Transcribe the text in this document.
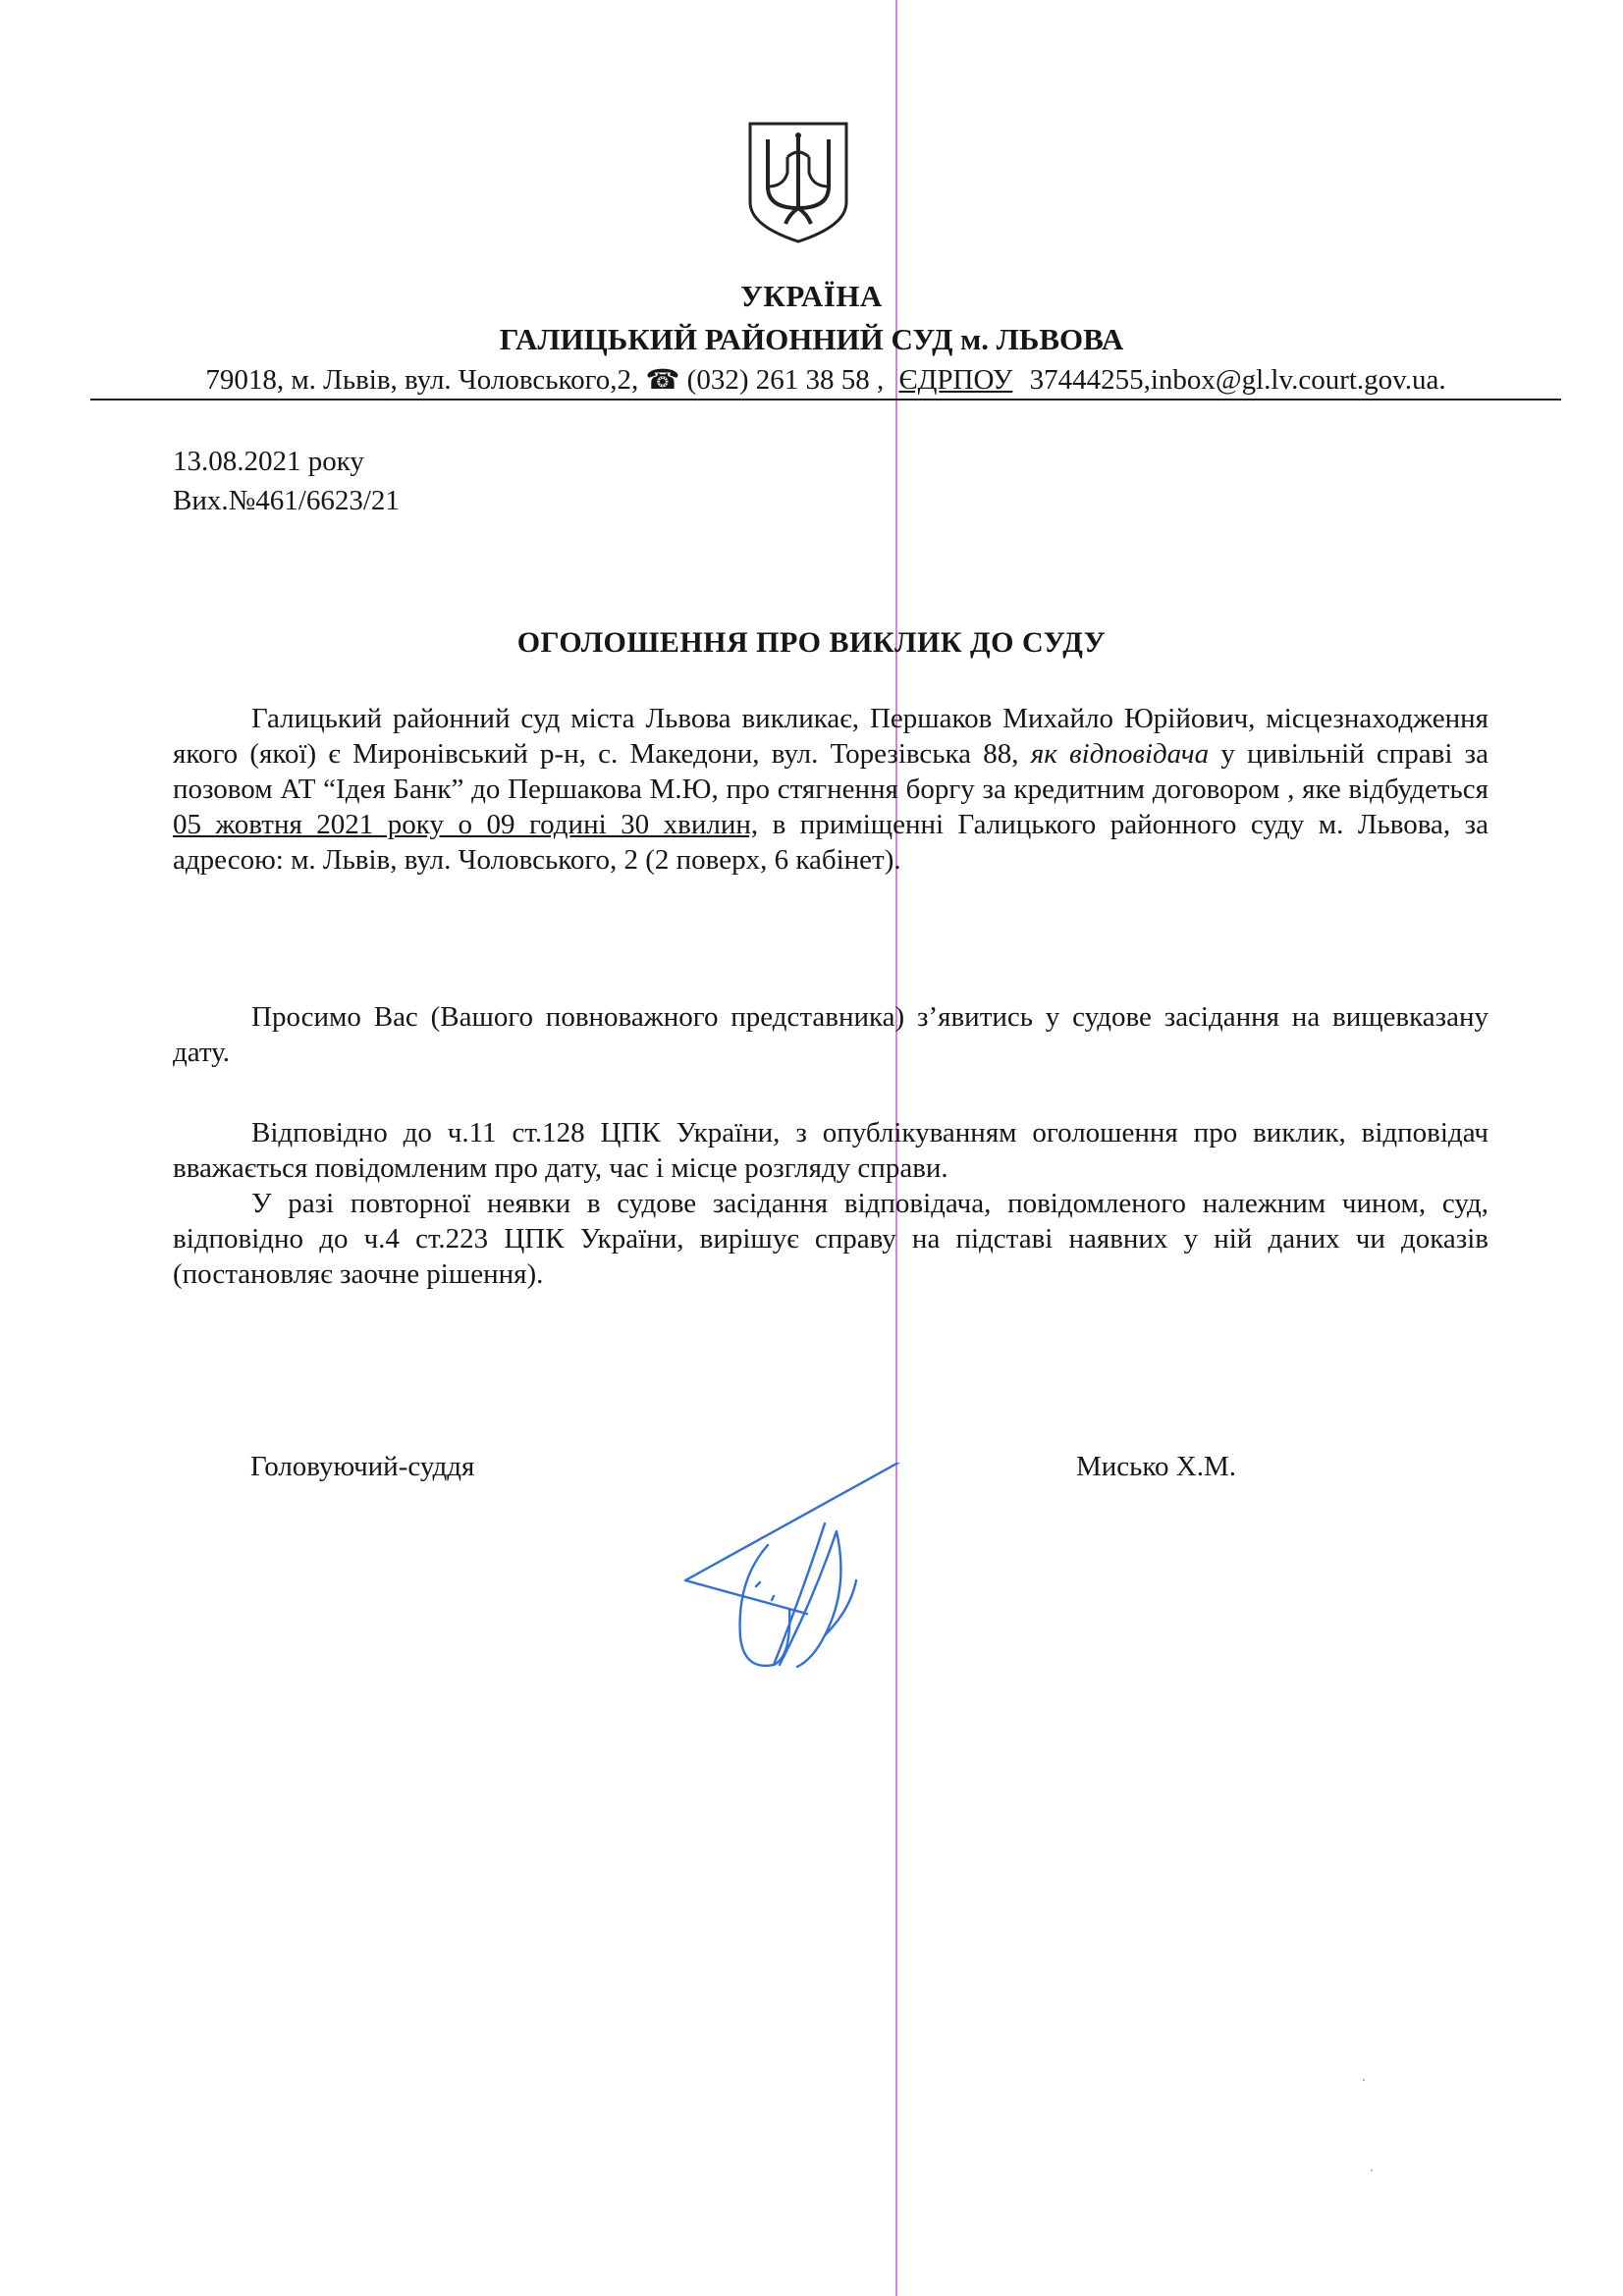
УКРАЇНА
ГАЛИЦЬКИЙ РАЙОННИЙ СУД м. ЛЬВОВА
79018, м. Львів, вул. Чоловського,2, ☎ (032) 261 38 58 , ЄДРПОУ 37444255,inbox@gl.lv.court.gov.ua.
13.08.2021 року
Вих.№461/6623/21
ОГОЛОШЕННЯ ПРО ВИКЛИК ДО СУДУ
Галицький районний суд міста Львова викликає, Першаков Михайло Юрійович, місцезнаходження якого (якої) є Миронівський р-н, с. Македони, вул. Торезівська 88, як відповідача у цивільній справі за позовом АТ “Ідея Банк” до Першакова М.Ю, про стягнення боргу за кредитним договором , яке відбудеться 05 жовтня 2021 року о 09 годині 30 хвилин, в приміщенні Галицького районного суду м. Львова, за адресою: м. Львів, вул. Чоловського, 2 (2 поверх, 6 кабінет).
Просимо Вас (Вашого повноважного представника) з’явитись у судове засідання на вищевказану дату.
Відповідно до ч.11 ст.128 ЦПК України, з опублікуванням оголошення про виклик, відповідач вважається повідомленим про дату, час і місце розгляду справи.
У разі повторної неявки в судове засідання відповідача, повідомленого належним чином, суд, відповідно до ч.4 ст.223 ЦПК України, вирішує справу на підставі наявних у ній даних чи доказів (постановляє заочне рішення).
Головуючий-суддя	Мисько Х.М.
